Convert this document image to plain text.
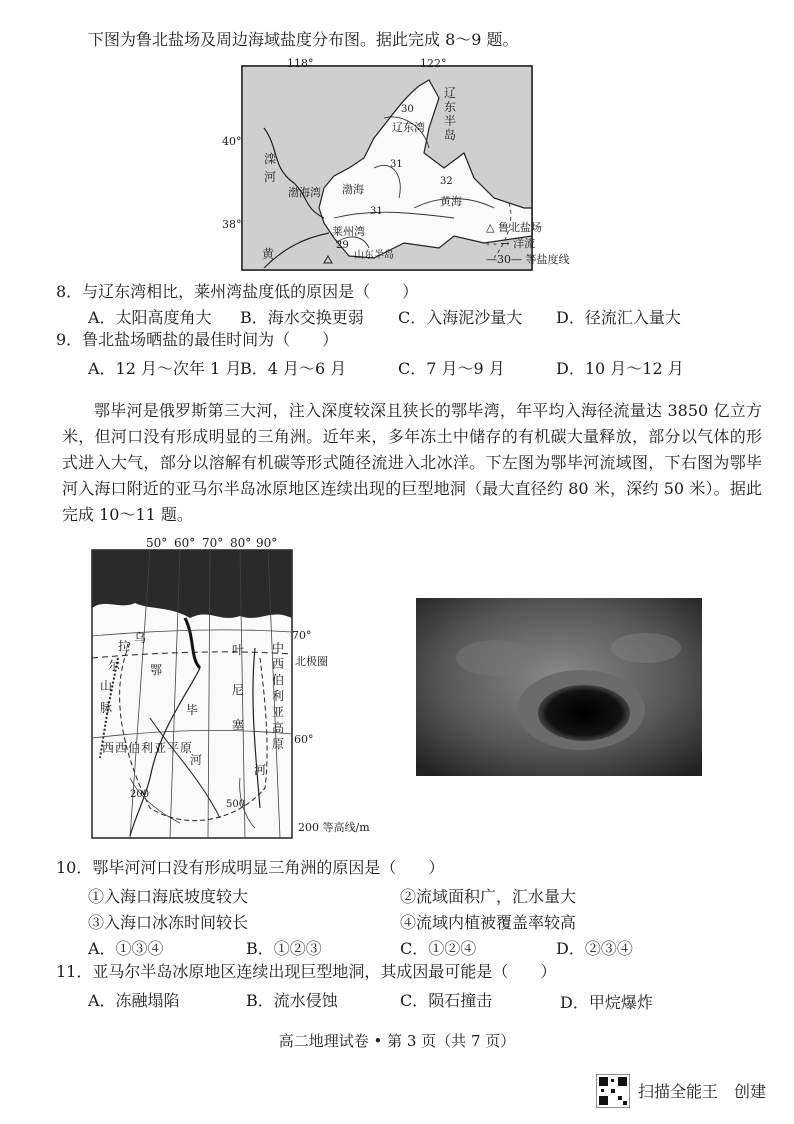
下图为鲁北盐场及周边海域盐度分布图。据此完成 8～9 题。
118°	122°
40°
38°
辽东半岛
辽东湾
滦
河
渤海湾 渤海
黄海
莱州湾
山东半岛
黄
30
31
32
31
29
△ 鲁北盐场
- - → 洋流
—30— 等盐度线
8．与辽东湾相比，莱州湾盐度低的原因是（　　）
A．太阳高度角大 B．海水交换更弱 C．入海泥沙量大 D．径流汇入量大
9．鲁北盐场晒盐的最佳时间为（　　）
A．12 月～次年 1 月
B．4 月～6 月	C．7 月～9 月	D．10 月～12 月
鄂毕河是俄罗斯第三大河，注入深度较深且狭长的鄂毕湾，年平均入海径流量达 3850 亿立方米，但河口没有形成明显的三角洲。近年来，多年冻土中储存的有机碳大量释放，部分以气体的形式进入大气，部分以溶解有机碳等形式随径流进入北冰洋。下左图为鄂毕河流域图，下右图为鄂毕河入海口附近的亚马尔半岛冰原地区连续出现的巨型地洞（最大直径约 80 米，深约 50 米）。据此完成 10～11 题。
50° 60° 70° 80° 90°
70°
60°
北极圈
乌
拉
尔
山
脉
鄂
毕
河
叶
尼
塞
河
中西伯利亚高原
西西伯利亚平原
200
500
200 等高线/m
10．鄂毕河河口没有形成明显三角洲的原因是（　　）
①入海口海底坡度较大	②流域面积广，汇水量大
③入海口冰冻时间较长	④流域内植被覆盖率较高
A．①③④	B．①②③	C．①②④	D．②③④
11．亚马尔半岛冰原地区连续出现巨型地洞，其成因最可能是（　　）
A．冻融塌陷	B．流水侵蚀	C．陨石撞击	D．甲烷爆炸
高二地理试卷 • 第 3 页（共 7 页）
扫描全能王　创建
